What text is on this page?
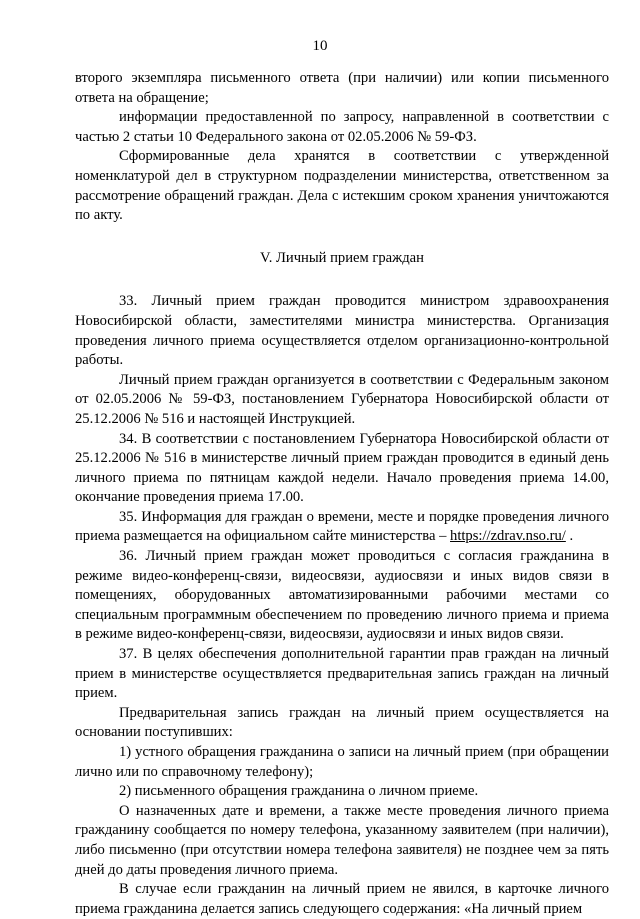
10

второго экземпляра письменного ответа (при наличии) или копии письменного ответа на обращение;

информации предоставленной по запросу, направленной в соответствии с частью 2 статьи 10 Федерального закона от 02.05.2006 № 59-ФЗ.

Сформированные дела хранятся в соответствии с утвержденной номенклатурой дел в структурном подразделении министерства, ответственном за рассмотрение обращений граждан. Дела с истекшим сроком хранения уничтожаются по акту.

V. Личный прием граждан

33. Личный прием граждан проводится министром здравоохранения Новосибирской области, заместителями министра министерства. Организация проведения личного приема осуществляется отделом организационно-контрольной работы.

Личный прием граждан организуется в соответствии с Федеральным законом от 02.05.2006 № 59-ФЗ, постановлением Губернатора Новосибирской области от 25.12.2006 № 516 и настоящей Инструкцией.

34. В соответствии с постановлением Губернатора Новосибирской области от 25.12.2006 № 516 в министерстве личный прием граждан проводится в единый день личного приема по пятницам каждой недели. Начало проведения приема 14.00, окончание проведения приема 17.00.

35. Информация для граждан о времени, месте и порядке проведения личного приема размещается на официальном сайте министерства – https://zdrav.nso.ru/ .

36. Личный прием граждан может проводиться с согласия гражданина в режиме видео-конференц-связи, видеосвязи, аудиосвязи и иных видов связи в помещениях, оборудованных автоматизированными рабочими местами со специальным программным обеспечением по проведению личного приема и приема в режиме видео-конференц-связи, видеосвязи, аудиосвязи и иных видов связи.

37. В целях обеспечения дополнительной гарантии прав граждан на личный прием в министерстве осуществляется предварительная запись граждан на личный прием.

Предварительная запись граждан на личный прием осуществляется на основании поступивших:

1) устного обращения гражданина о записи на личный прием (при обращении лично или по справочному телефону);

2) письменного обращения гражданина о личном приеме.

О назначенных дате и времени, а также месте проведения личного приема гражданину сообщается по номеру телефона, указанному заявителем (при наличии), либо письменно (при отсутствии номера телефона заявителя) не позднее чем за пять дней до даты проведения личного приема.

В случае если гражданин на личный прием не явился, в карточке личного приема гражданина делается запись следующего содержания: «На личный прием
